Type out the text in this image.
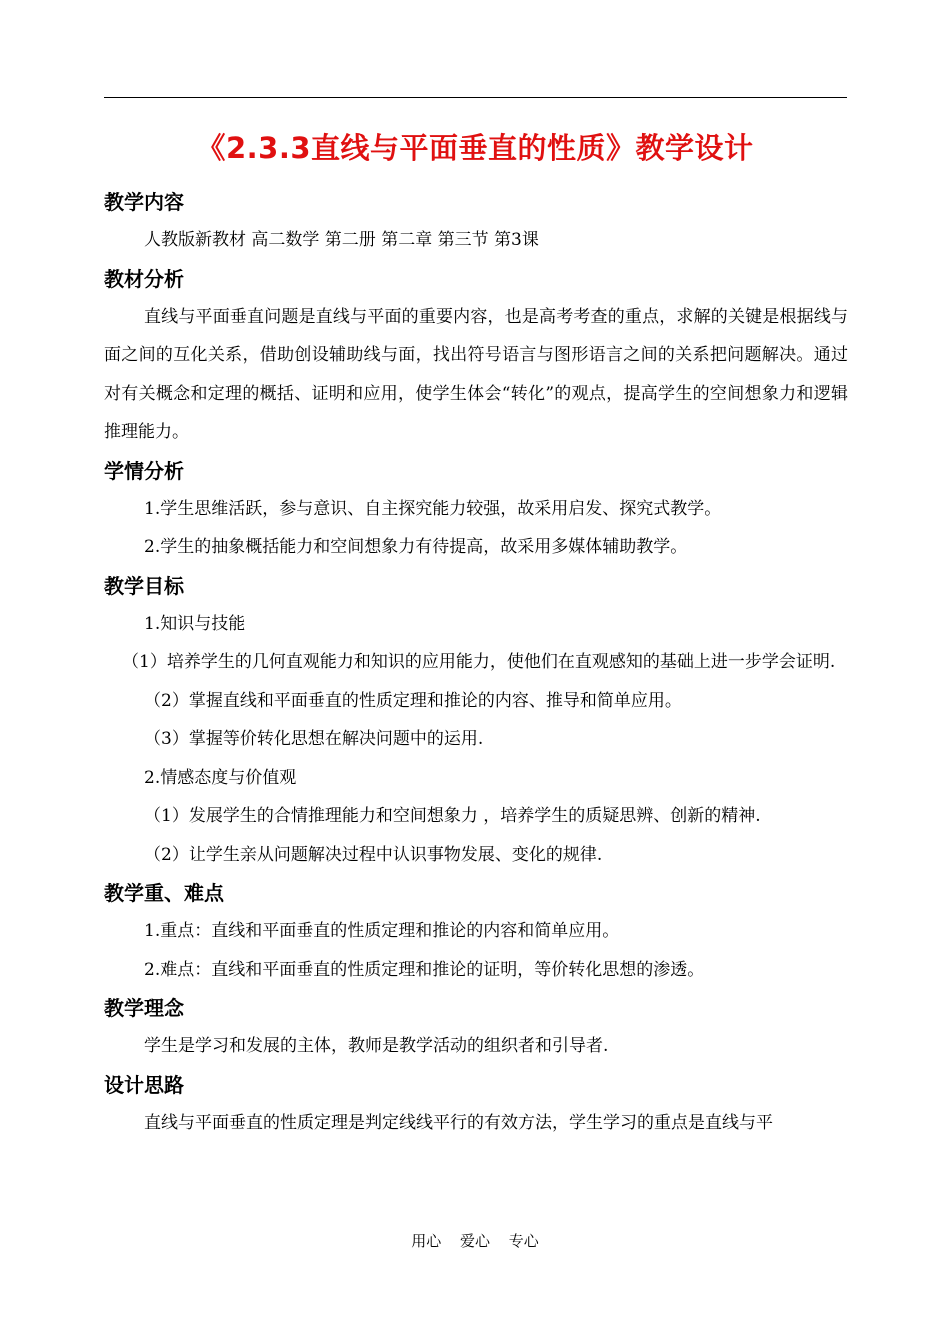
《2.3.3直线与平面垂直的性质》教学设计
教学内容

人教版新教材 高二数学 第二册 第二章 第三节 第3课

教材分析

直线与平面垂直问题是直线与平面的重要内容，也是高考考查的重点，求解的关键是根据线与面之间的互化关系，借助创设辅助线与面，找出符号语言与图形语言之间的关系把问题解决。通过对有关概念和定理的概括、证明和应用，使学生体会“转化”的观点，提高学生的空间想象力和逻辑推理能力。

学情分析

1.学生思维活跃，参与意识、自主探究能力较强，故采用启发、探究式教学。

2.学生的抽象概括能力和空间想象力有待提高，故采用多媒体辅助教学。

教学目标

1.知识与技能

（1）培养学生的几何直观能力和知识的应用能力，使他们在直观感知的基础上进一步学会证明.

（2）掌握直线和平面垂直的性质定理和推论的内容、推导和简单应用。

（3）掌握等价转化思想在解决问题中的运用.

2.情感态度与价值观

（1）发展学生的合情推理能力和空间想象力 ，培养学生的质疑思辨、创新的精神.

（2）让学生亲从问题解决过程中认识事物发展、变化的规律.

教学重、难点

1.重点：直线和平面垂直的性质定理和推论的内容和简单应用。

2.难点：直线和平面垂直的性质定理和推论的证明，等价转化思想的渗透。

教学理念

学生是学习和发展的主体，教师是教学活动的组织者和引导者.

设计思路

直线与平面垂直的性质定理是判定线线平行的有效方法，学生学习的重点是直线与平

用心 爱心 专心
